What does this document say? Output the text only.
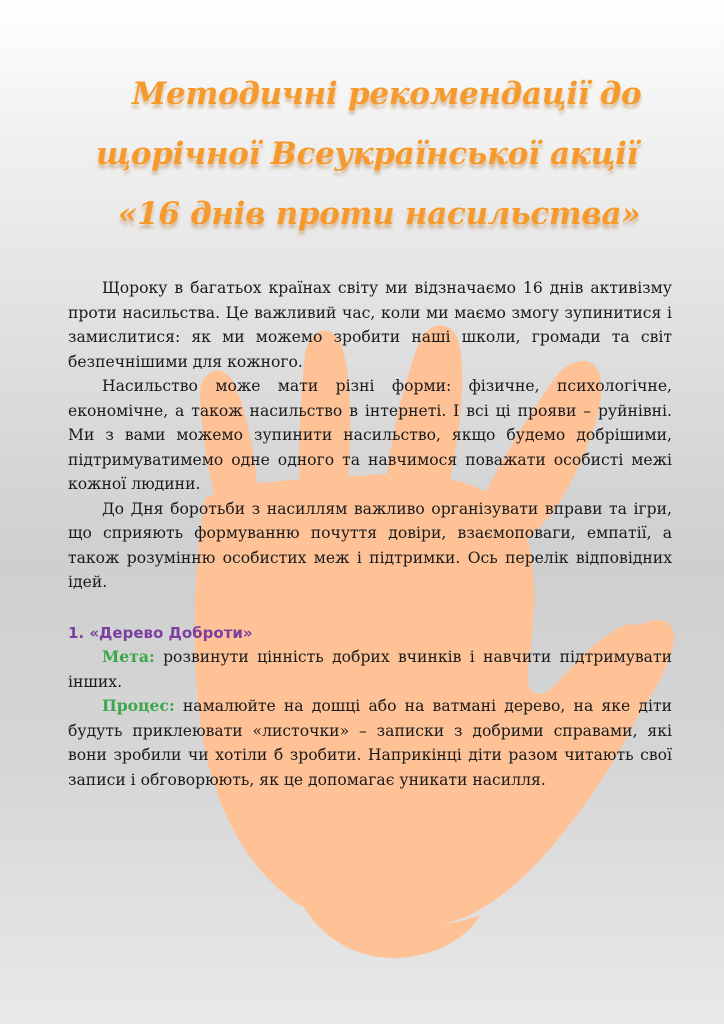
Методичні рекомендації до
щорічної Всеукраїнської акції
«16 днів проти насильства»

Щороку в багатьох країнах світу ми відзначаємо 16 днів активізму проти насильства. Це важливий час, коли ми маємо змогу зупинитися і замислитися: як ми можемо зробити наші школи, громади та світ безпечнішими для кожного.

Насильство може мати різні форми: фізичне, психологічне, економічне, а також насильство в інтернеті. І всі ці прояви – руйнівні. Ми з вами можемо зупинити насильство, якщо будемо добрішими, підтримуватимемо одне одного та навчимося поважати особисті межі кожної людини.

До Дня боротьби з насиллям важливо організувати вправи та ігри, що сприяють формуванню почуття довіри, взаємоповаги, емпатії, а також розумінню особистих меж і підтримки. Ось перелік відповідних ідей.

1. «Дерево Доброти»

Мета: розвинути цінність добрих вчинків і навчити підтримувати інших.

Процес: намалюйте на дошці або на ватмані дерево, на яке діти будуть приклеювати «листочки» – записки з добрими справами, які вони зробили чи хотіли б зробити. Наприкінці діти разом читають свої записи і обговорюють, як це допомагає уникати насилля.
